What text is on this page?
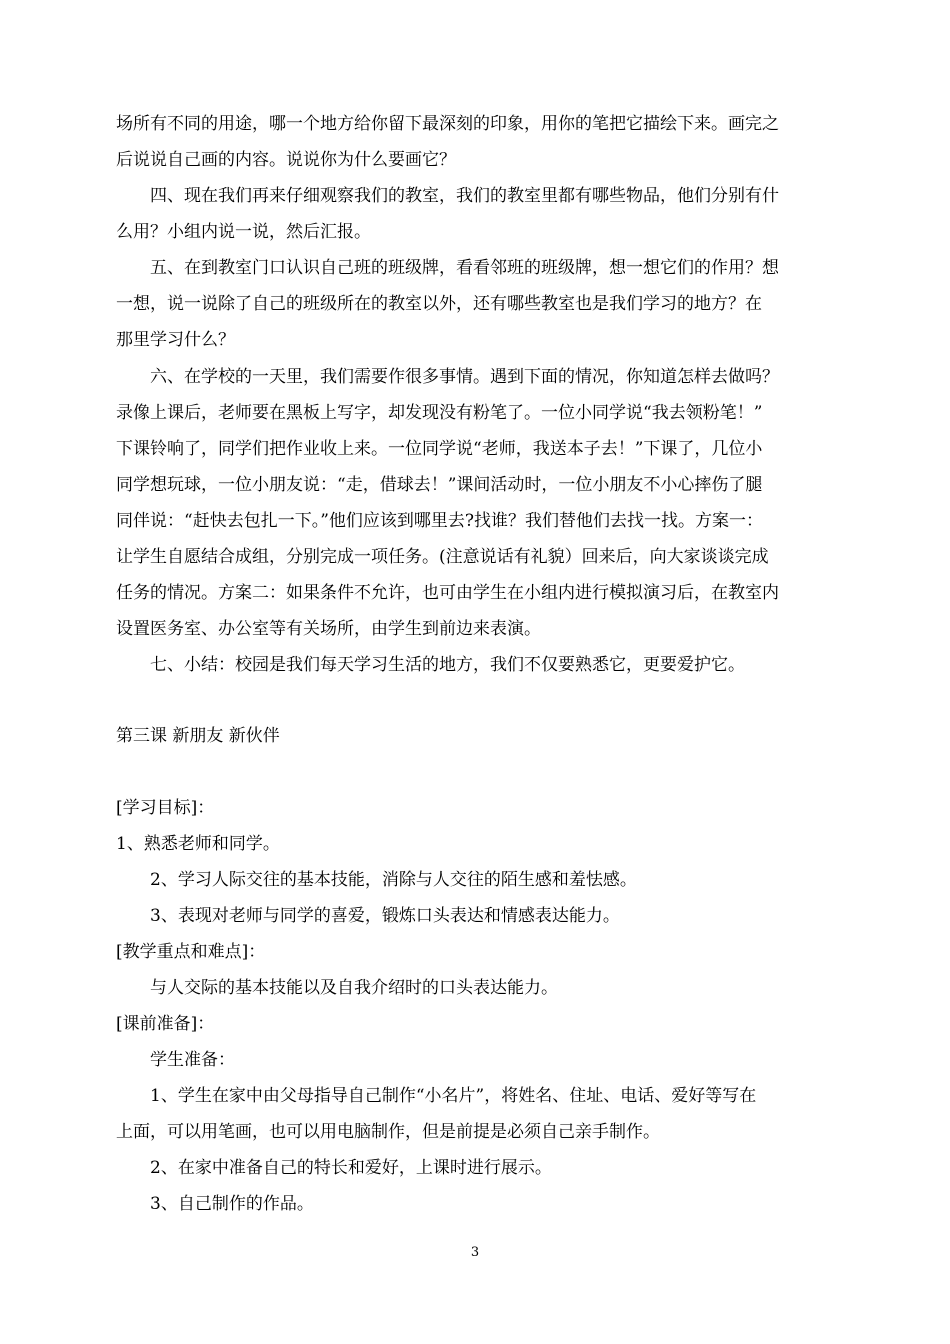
场所有不同的用途，哪一个地方给你留下最深刻的印象，用你的笔把它描绘下来。画完之
后说说自己画的内容。说说你为什么要画它？
四、现在我们再来仔细观察我们的教室，我们的教室里都有哪些物品，他们分别有什
么用？小组内说一说，然后汇报。
五、在到教室门口认识自己班的班级牌，看看邻班的班级牌，想一想它们的作用？想
一想，说一说除了自己的班级所在的教室以外，还有哪些教室也是我们学习的地方？在
那里学习什么？
六、在学校的一天里，我们需要作很多事情。遇到下面的情况，你知道怎样去做吗？
录像上课后，老师要在黑板上写字，却发现没有粉笔了。一位小同学说“我去领粉笔！”
下课铃响了，同学们把作业收上来。一位同学说“老师，我送本子去！”下课了，几位小
同学想玩球，一位小朋友说：“走，借球去！”课间活动时，一位小朋友不小心摔伤了腿
同伴说：“赶快去包扎一下。”他们应该到哪里去?找谁？我们替他们去找一找。方案一：
让学生自愿结合成组，分别完成一项任务。(注意说话有礼貌）回来后，向大家谈谈完成
任务的情况。方案二：如果条件不允许，也可由学生在小组内进行模拟演习后，在教室内
设置医务室、办公室等有关场所，由学生到前边来表演。
七、小结：校园是我们每天学习生活的地方，我们不仅要熟悉它，更要爱护它。
第三课 新朋友 新伙伴
[学习目标]：
1、熟悉老师和同学。
2、学习人际交往的基本技能，消除与人交往的陌生感和羞怯感。
3、表现对老师与同学的喜爱，锻炼口头表达和情感表达能力。
[教学重点和难点]：
与人交际的基本技能以及自我介绍时的口头表达能力。
[课前准备]：
学生准备：
1、学生在家中由父母指导自己制作“小名片”，将姓名、住址、电话、爱好等写在
上面，可以用笔画，也可以用电脑制作，但是前提是必须自己亲手制作。
2、在家中准备自己的特长和爱好，上课时进行展示。
3、自己制作的作品。
3
